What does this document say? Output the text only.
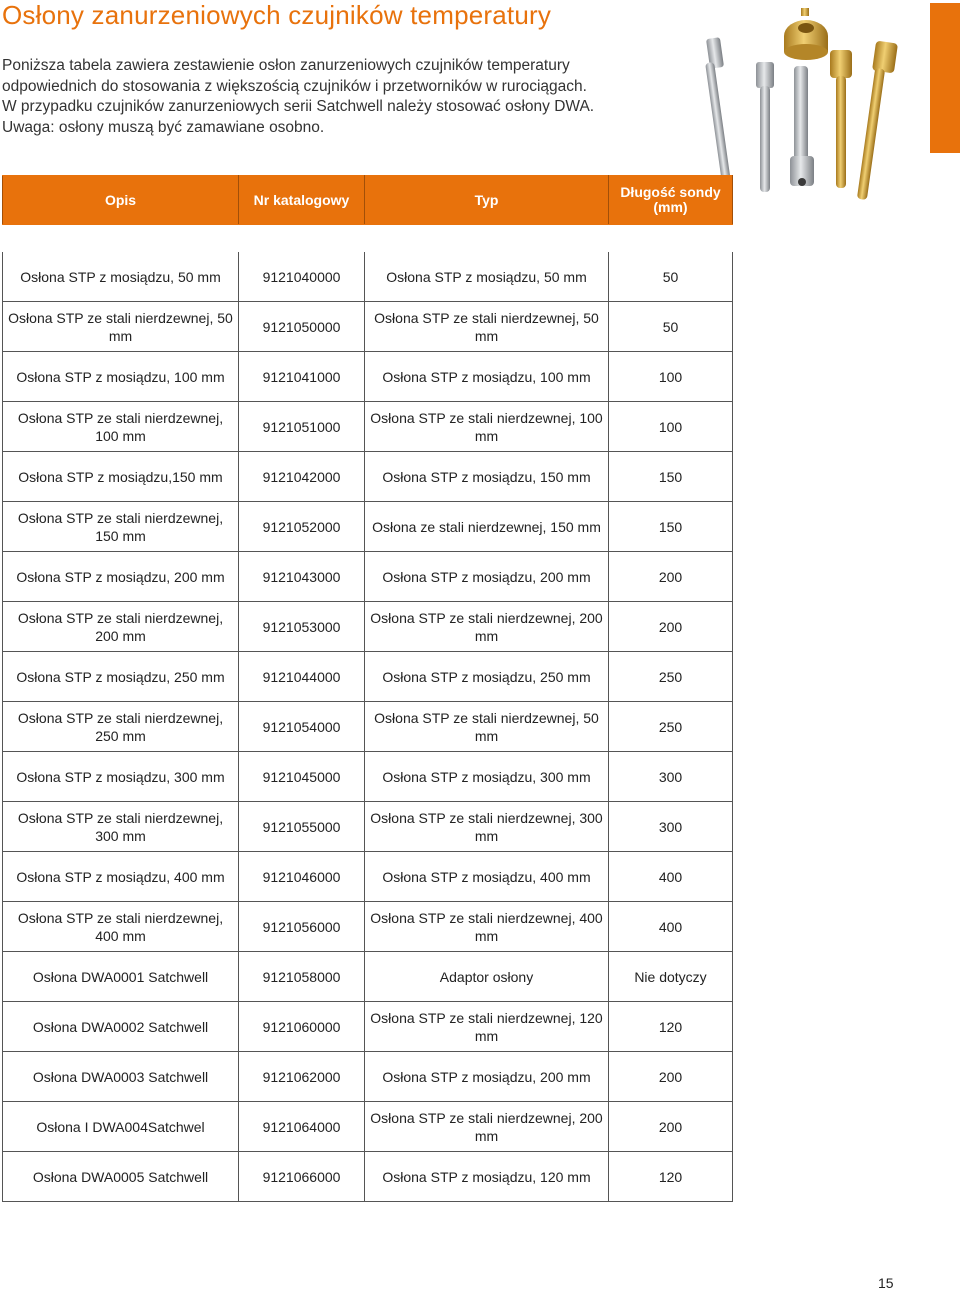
Osłony zanurzeniowych czujników temperatury
Poniższa tabela zawiera zestawienie osłon zanurzeniowych czujników temperatury
odpowiednich do stosowania z większością czujników i przetworników w rurociągach.
W przypadku czujników zanurzeniowych serii Satchwell należy stosować osłony DWA.
Uwaga: osłony muszą być zamawiane osobno.
Opis	Nr katalogowy	Typ	Długość sondy (mm)

Osłona STP z mosiądzu, 50 mm	9121040000	Osłona STP z mosiądzu, 50 mm	50
Osłona STP ze stali nierdzewnej, 50 mm	9121050000	Osłona STP ze stali nierdzewnej, 50 mm	50
Osłona STP z mosiądzu, 100 mm	9121041000	Osłona STP z mosiądzu, 100 mm	100
Osłona STP ze stali nierdzewnej, 100 mm	9121051000	Osłona STP ze stali nierdzewnej, 100 mm	100
Osłona STP z mosiądzu,150 mm	9121042000	Osłona STP z mosiądzu, 150 mm	150
Osłona STP ze stali nierdzewnej, 150 mm	9121052000	Osłona ze stali nierdzewnej, 150 mm	150
Osłona STP z mosiądzu, 200 mm	9121043000	Osłona STP z mosiądzu, 200 mm	200
Osłona STP ze stali nierdzewnej, 200 mm	9121053000	Osłona STP ze stali nierdzewnej, 200 mm	200
Osłona STP z mosiądzu, 250 mm	9121044000	Osłona STP z mosiądzu, 250 mm	250
Osłona STP ze stali nierdzewnej, 250 mm	9121054000	Osłona STP ze stali nierdzewnej, 50 mm	250
Osłona STP z mosiądzu, 300 mm	9121045000	Osłona STP z mosiądzu, 300 mm	300
Osłona STP ze stali nierdzewnej, 300 mm	9121055000	Osłona STP ze stali nierdzewnej, 300 mm	300
Osłona STP z mosiądzu, 400 mm	9121046000	Osłona STP z mosiądzu, 400 mm	400
Osłona STP ze stali nierdzewnej, 400 mm	9121056000	Osłona STP ze stali nierdzewnej, 400 mm	400
Osłona DWA0001 Satchwell	9121058000	Adaptor osłony	Nie dotyczy
Osłona DWA0002 Satchwell	9121060000	Osłona STP ze stali nierdzewnej, 120 mm	120
Osłona DWA0003 Satchwell	9121062000	Osłona STP z mosiądzu, 200 mm	200
Osłona I DWA004Satchwel	9121064000	Osłona STP ze stali nierdzewnej, 200 mm	200
Osłona DWA0005 Satchwell	9121066000	Osłona STP z mosiądzu, 120 mm	120
15
